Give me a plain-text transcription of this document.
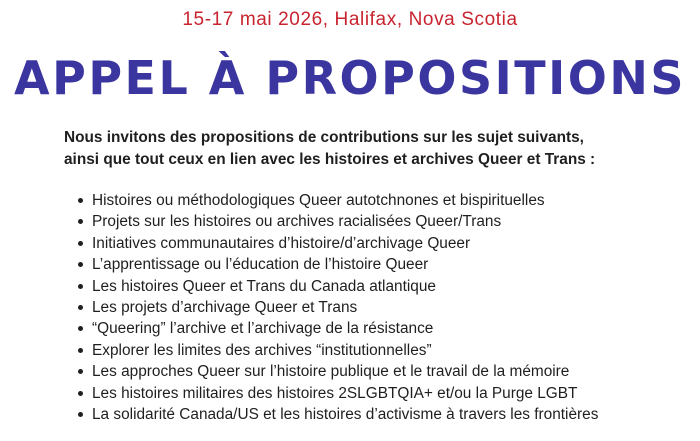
15-17 mai 2026, Halifax, Nova Scotia
APPEL À PROPOSITIONS
Nous invitons des propositions de contributions sur les sujet suivants,
ainsi que tout ceux en lien avec les histoires et archives Queer et Trans :
Histoires ou méthodologiques Queer autotchnones et bispirituelles
Projets sur les histoires ou archives racialisées Queer/Trans
Initiatives communautaires d’histoire/d’archivage Queer
L’apprentissage ou l’éducation de l’histoire Queer
Les histoires Queer et Trans du Canada atlantique
Les projets d’archivage Queer et Trans
“Queering” l’archive et l’archivage de la résistance
Explorer les limites des archives “institutionnelles”
Les approches Queer sur l’histoire publique et le travail de la mémoire
Les histoires militaires des histoires 2SLGBTQIA+ et/ou la Purge LGBT
La solidarité Canada/US et les histoires d’activisme à travers les frontières
